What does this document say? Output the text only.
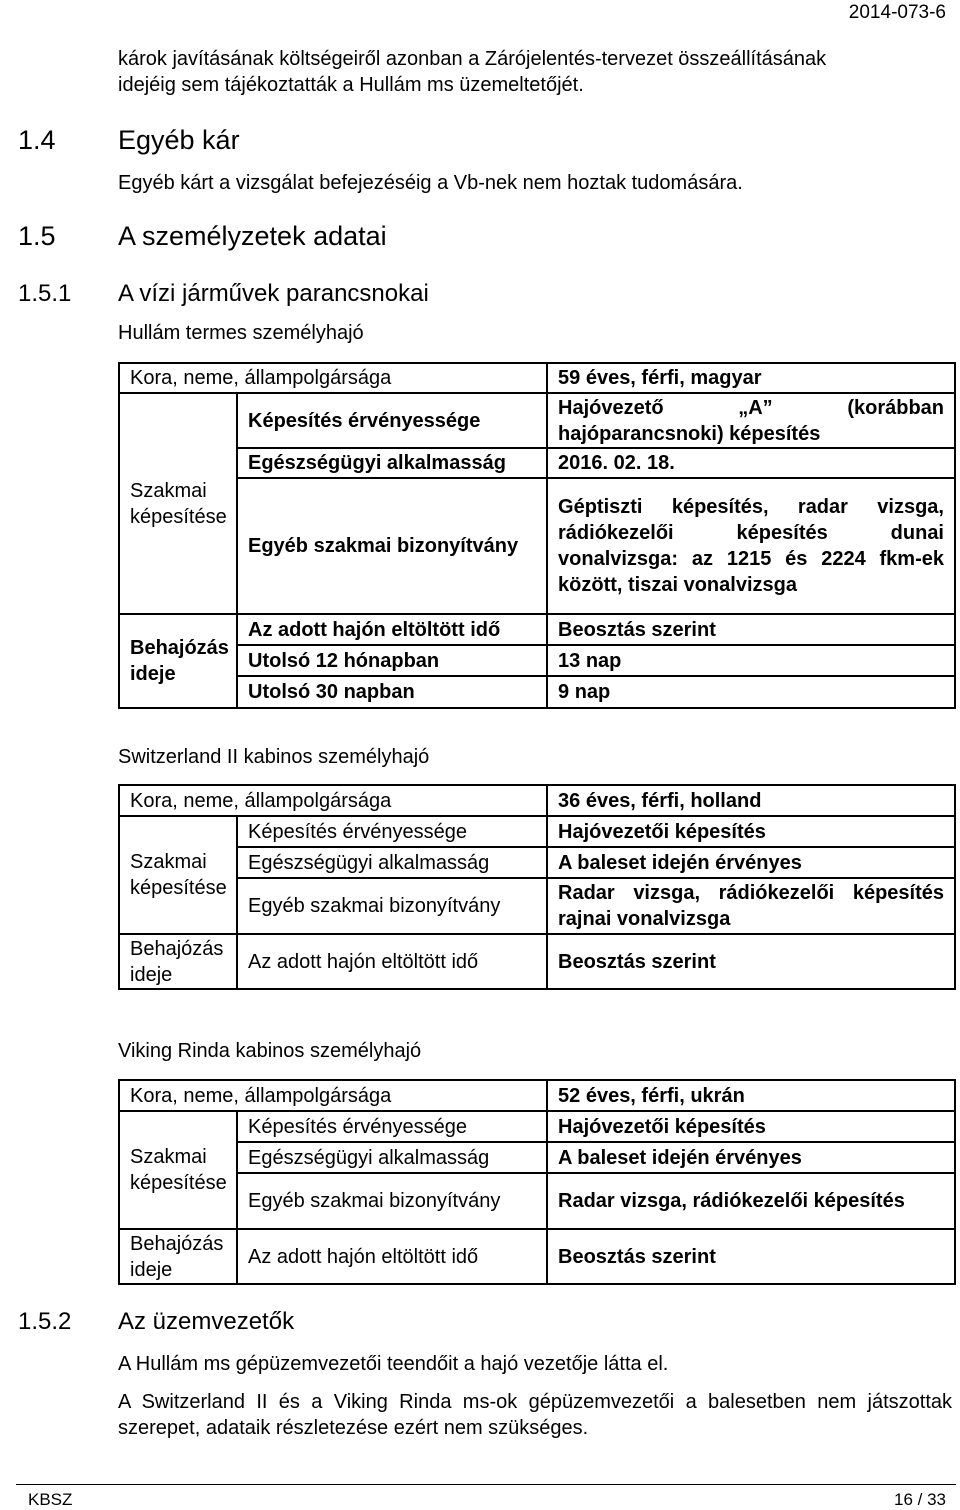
2014-073-6
károk javításának költségeiről azonban a Zárójelentés-tervezet összeállításának
idejéig sem tájékoztatták a Hullám ms üzemeltetőjét.
1.4 Egyéb kár
Egyéb kárt a vizsgálat befejezéséig a Vb-nek nem hoztak tudomására.
1.5 A személyzetek adatai
1.5.1 A vízi járművek parancsnokai
Hullám termes személyhajó
Kora, neme, állampolgársága		59 éves, férfi, magyar
Szakmai képesítése	Képesítés érvényessége	Hajóvezető „A” (korábban hajóparancsnoki) képesítés
	Egészségügyi alkalmasság	2016. 02. 18.
	Egyéb szakmai bizonyítvány	Géptiszti képesítés, radar vizsga, rádiókezelői képesítés dunai vonalvizsga: az 1215 és 2224 fkm-ek között, tiszai vonalvizsga
Behajózás ideje	Az adott hajón eltöltött idő	Beosztás szerint
	Utolsó 12 hónapban	13 nap
	Utolsó 30 napban	9 nap
Switzerland II kabinos személyhajó
Kora, neme, állampolgársága		36 éves, férfi, holland
Szakmai képesítése	Képesítés érvényessége	Hajóvezetői képesítés
	Egészségügyi alkalmasság	A baleset idején érvényes
	Egyéb szakmai bizonyítvány	Radar vizsga, rádiókezelői képesítés rajnai vonalvizsga
Behajózás ideje	Az adott hajón eltöltött idő	Beosztás szerint
Viking Rinda kabinos személyhajó
Kora, neme, állampolgársága		52 éves, férfi, ukrán
Szakmai képesítése	Képesítés érvényessége	Hajóvezetői képesítés
	Egészségügyi alkalmasság	A baleset idején érvényes
	Egyéb szakmai bizonyítvány	Radar vizsga, rádiókezelői képesítés
Behajózás ideje	Az adott hajón eltöltött idő	Beosztás szerint
1.5.2 Az üzemvezetők
A Hullám ms gépüzemvezetői teendőit a hajó vezetője látta el.
A Switzerland II és a Viking Rinda ms-ok gépüzemvezetői a balesetben nem játszottak szerepet, adataik részletezése ezért nem szükséges.
KBSZ	16 / 33
